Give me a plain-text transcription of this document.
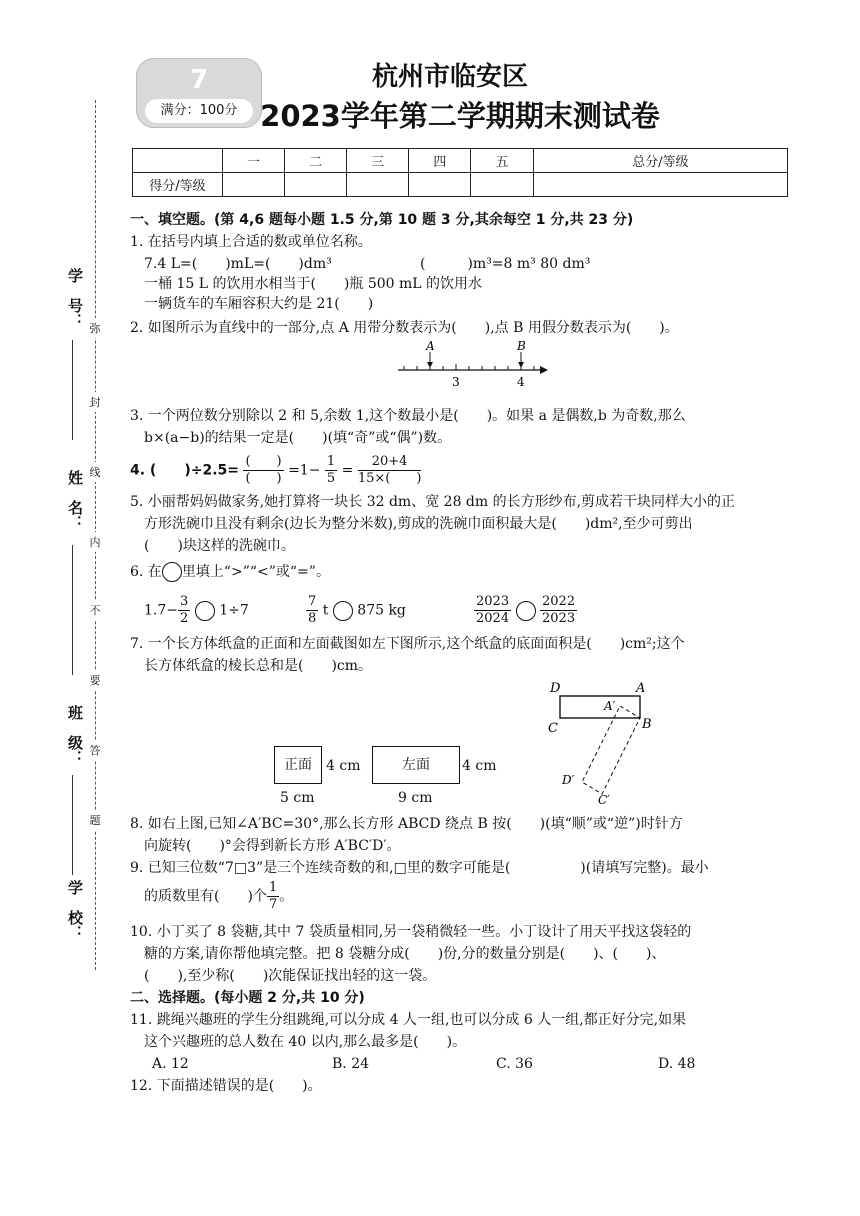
7
满分：100分
杭州市临安区
2023学年第二学期期末测试卷
	一	二	三	四	五	总分/等级
得分/等级						
学　号：
姓　名：
班　级：
学　校：
弥
封
线
内
不
要
答
题
一、填空题。(第 4,6 题每小题 1.5 分,第 10 题 3 分,其余每空 1 分,共 23 分)
1. 在括号内填上合适的数或单位名称。
7.4 L=(　　)mL=(　　)dm³	(　　　)m³=8 m³ 80 dm³
一桶 15 L 的饮用水相当于(　　)瓶 500 mL 的饮用水
一辆货车的车厢容积大约是 21(　　)
2. 如图所示为直线中的一部分,点 A 用带分数表示为(　　),点 B 用假分数表示为(　　)。
A	B
3	4
3. 一个两位数分别除以 2 和 5,余数 1,这个数最小是(　　)。如果 a 是偶数,b 为奇数,那么
b×(a−b)的结果一定是(　　)(填“奇”或“偶”)数。
4. (　　)$\div 2.5= \frac{( )}{( )} =1- \frac{1}{5} = \frac{20+4}{15\times( )}$
5. 小丽帮妈妈做家务,她打算将一块长 32 dm、宽 28 dm 的长方形纱布,剪成若干块同样大小的正
方形洗碗巾且没有剩余(边长为整分米数),剪成的洗碗巾面积最大是(　　)dm²,至少可剪出
(　　)块这样的洗碗巾。
6. 在 里填上“>”“<”或“=”。
$1.7- \frac{3}{2} 1\div 7$	$\frac{7}{8}$ t 875 kg	$\frac{2023}{2024}$
$\frac{2022}{2023}$
7. 一个长方体纸盒的正面和左面截图如左下图所示,这个纸盒的底面面积是(　　)cm²;这个
长方体纸盒的棱长总和是(　　)cm。
正面	4 cm
5 cm
左面	4 cm
9 cm
D	A
A′
B
C
D′
C′
8. 如右上图,已知∠A′BC=30°,那么长方形 ABCD 绕点 B 按(　　)(填“顺”或“逆”)时针方
向旋转(　　)°会得到新长方形 A′BC′D′。
9. 已知三位数“7□3”是三个连续奇数的和,□里的数字可能是(　　　　　)(请填写完整)。最小
的质数里有(　　)个 $\frac{1}{7}$ 。
10. 小丁买了 8 袋糖,其中 7 袋质量相同,另一袋稍微轻一些。小丁设计了用天平找这袋轻的
糖的方案,请你帮他填完整。把 8 袋糖分成(　　)份,分的数量分别是(　　)、(　　)、
(　　),至少称(　　)次能保证找出轻的这一袋。
二、选择题。(每小题 2 分,共 10 分)
11. 跳绳兴趣班的学生分组跳绳,可以分成 4 人一组,也可以分成 6 人一组,都正好分完,如果
这个兴趣班的总人数在 40 以内,那么最多是(　　)。
A. 12	B. 24	C. 36	D. 48
12. 下面描述错误的是(　　)。
